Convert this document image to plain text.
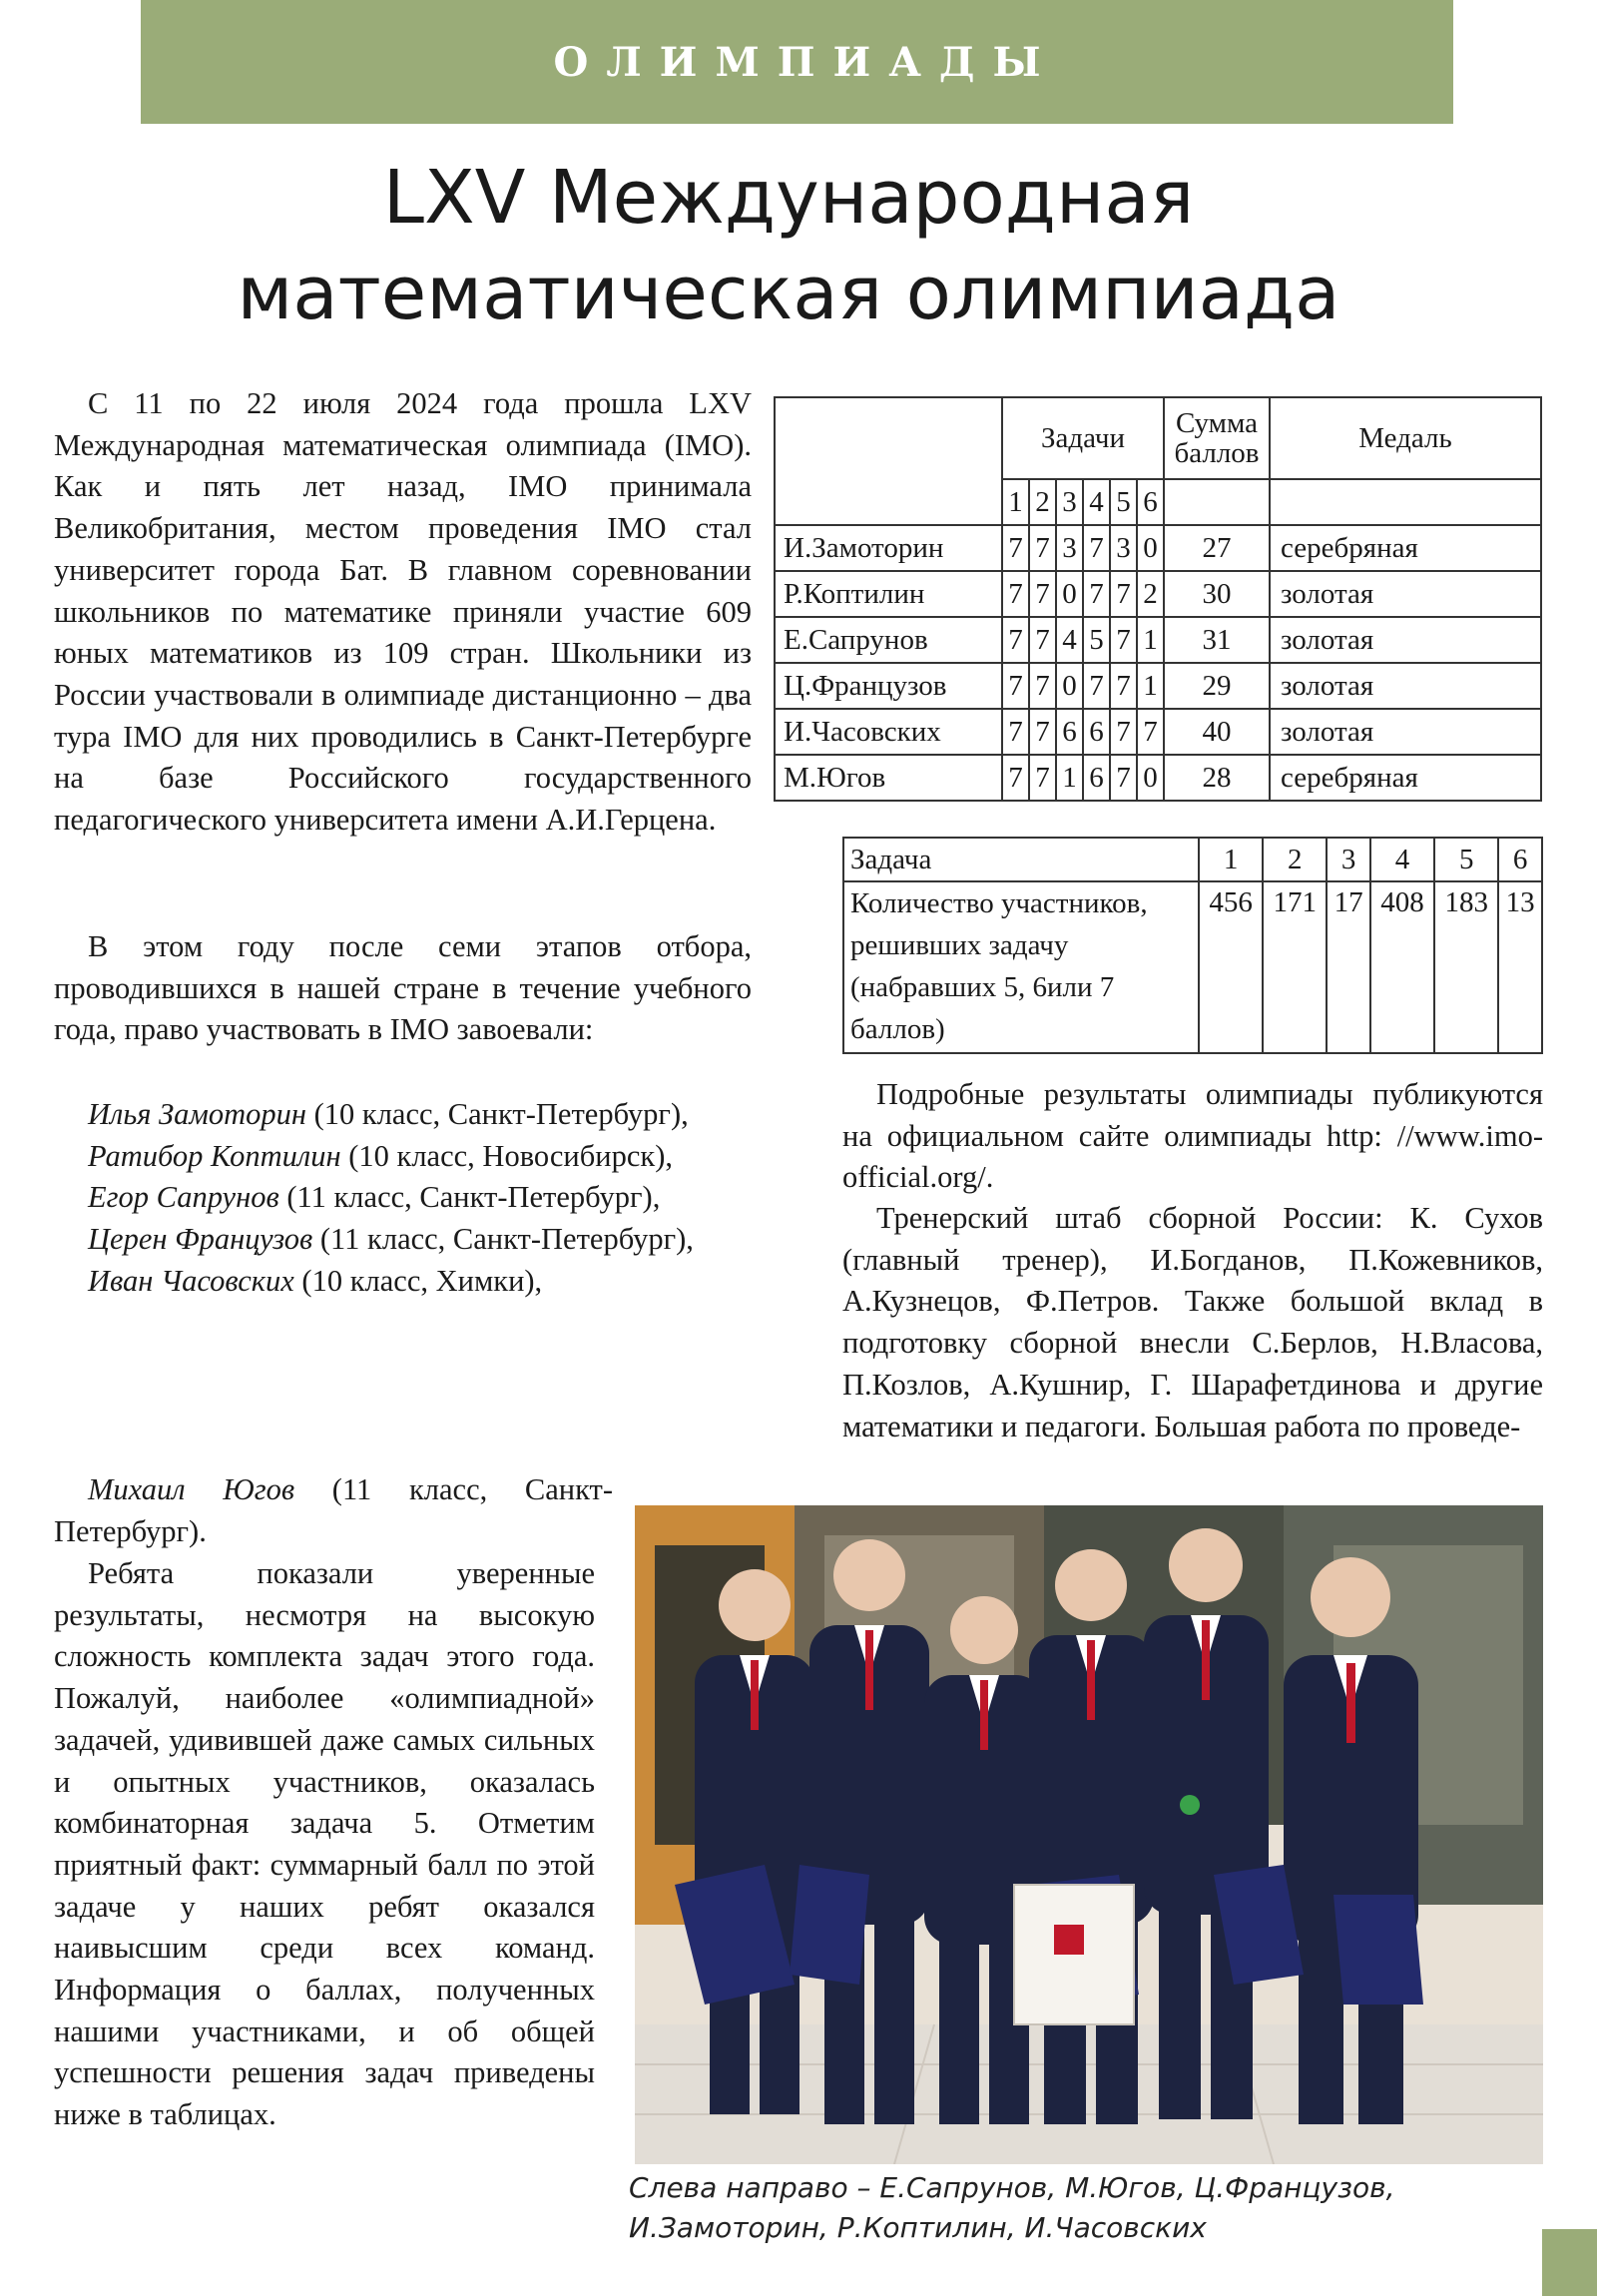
ОЛИМПИАДЫ
LXV Международная
математическая олимпиада
С 11 по 22 июля 2024 года прошла LXV Международная математическая олимпиада (IMO). Как и пять лет назад, IMO принимала Великобритания, местом проведения IMO стал университет города Бат. В главном соревновании школьников по математике приняли участие 609 юных математиков из 109 стран. Школьники из России участвовали в олимпиаде дистанционно – два тура IMO для них проводились в Санкт-Петербурге на базе Российского государственного педагогического университета имени А.И.Герцена.
В этом году после семи этапов отбора, проводившихся в нашей стране в течение учебного года, право участвовать в IMO завоевали:
Илья Замоторин (10 класс, Санкт-Петербург),
Ратибор Коптилин (10 класс, Новосибирск),
Егор Сапрунов (11 класс, Санкт-Петербург),
Церен Французов (11 класс, Санкт-Петербург),
Иван Часовских (10 класс, Химки),
Михаил Югов (11 класс, Санкт-Петербург).
Ребята показали уверенные результаты, несмотря на высокую сложность комплекта задач этого года. Пожалуй, наиболее «олимпиадной» задачей, удивившей даже самых сильных и опытных участников, оказалась комбинаторная задача 5. Отметим приятный факт: суммарный балл по этой задаче у наших ребят оказался наивысшим среди всех команд. Информация о баллах, полученных нашими участниками, и об общей успешности решения задач приведены ниже в таблицах.
	Задачи						Сумма баллов	Медаль
	1	2	3	4	5	6		
И.Замоторин	7	7	3	7	3	0	27	серебряная
Р.Коптилин	7	7	0	7	7	2	30	золотая
Е.Сапрунов	7	7	4	5	7	1	31	золотая
Ц.Французов	7	7	0	7	7	1	29	золотая
И.Часовских	7	7	6	6	7	7	40	золотая
М.Югов	7	7	1	6	7	0	28	серебряная
Задача	1	2	3	4	5	6
Количество участников, решивших задачу (набравших 5, 6или 7 баллов)	456	171	17	408	183	13
Подробные результаты олимпиады публикуются на официальном сайте олимпиады http: //www.imo-official.org/.
Тренерский штаб сборной России: К. Сухов (главный тренер), И.Богданов, П.Кожевников, А.Кузнецов, Ф.Петров. Также большой вклад в подготовку сборной внесли С.Берлов, Н.Власова, П.Козлов, А.Кушнир, Г. Шарафетдинова и другие математики и педагоги. Большая работа по проведе-
Слева направо – Е.Сапрунов, М.Югов, Ц.Французов, И.Замоторин, Р.Коптилин, И.Часовских
